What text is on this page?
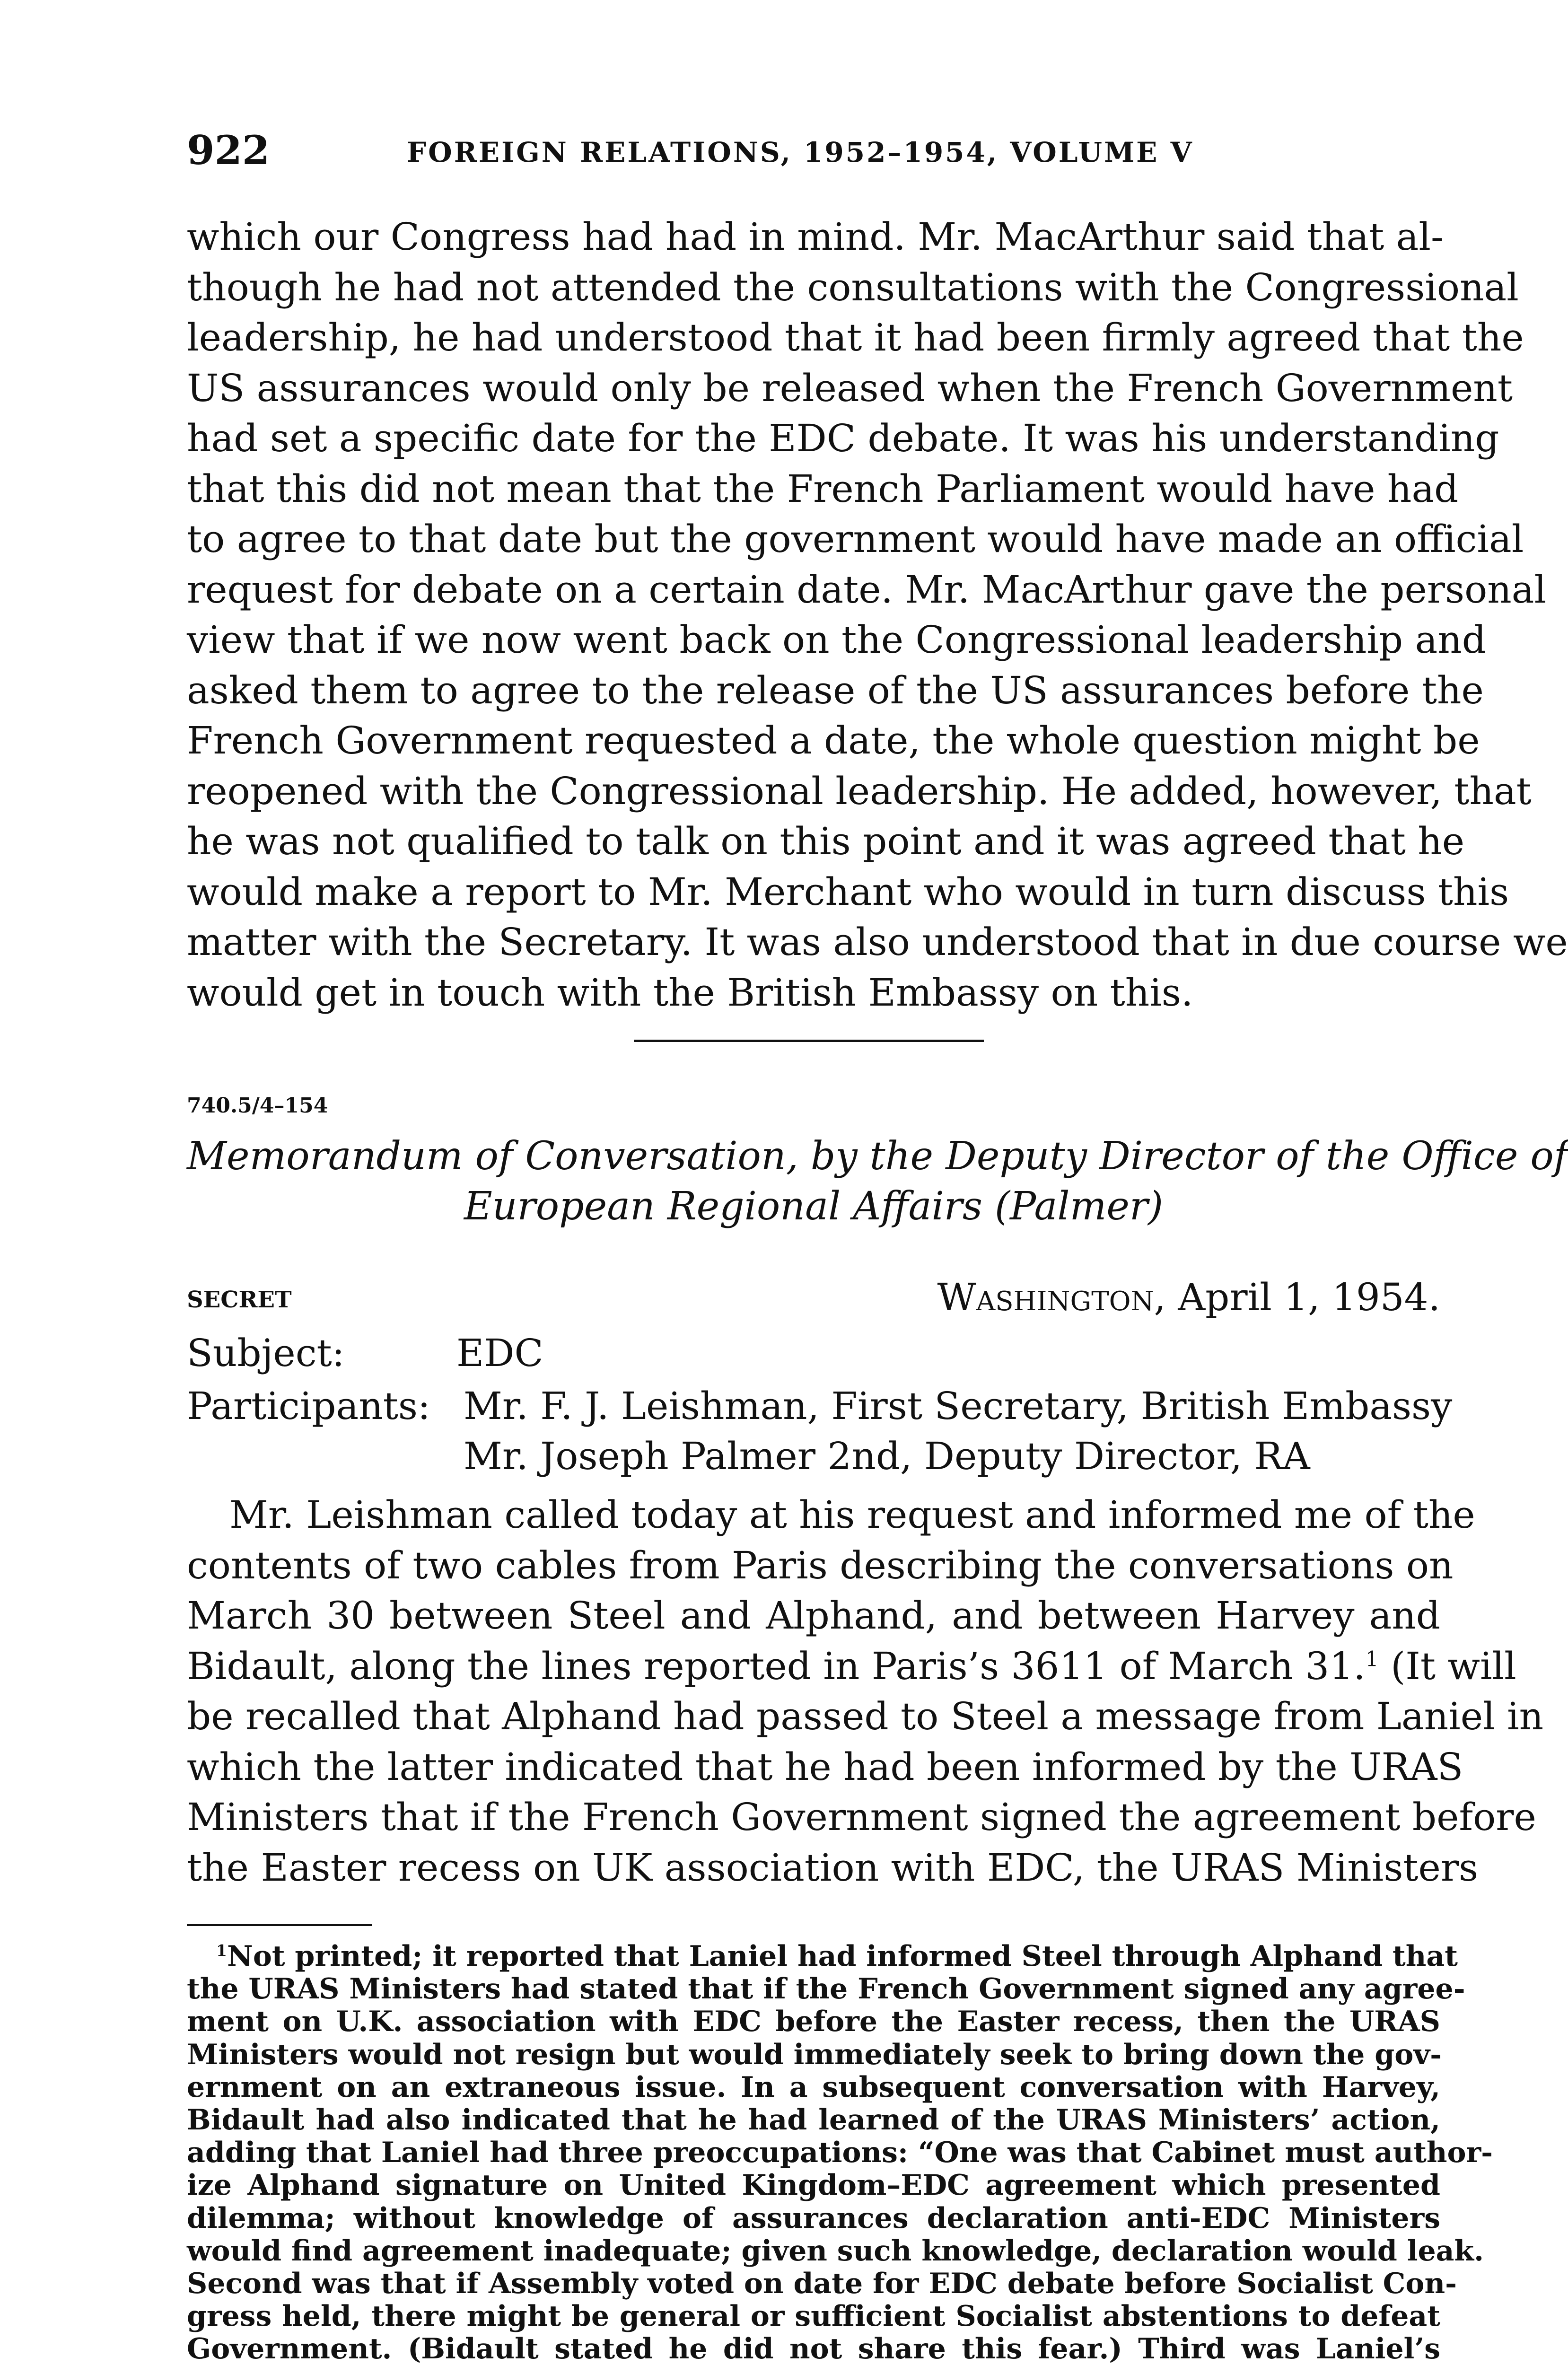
922	FOREIGN RELATIONS, 1952–1954, VOLUME V
which our Congress had had in mind. Mr. MacArthur said that al-
though he had not attended the consultations with the Congressional
leadership, he had understood that it had been firmly agreed that the
US assurances would only be released when the French Government
had set a specific date for the EDC debate. It was his understanding
that this did not mean that the French Parliament would have had
to agree to that date but the government would have made an official
request for debate on a certain date. Mr. MacArthur gave the personal
view that if we now went back on the Congressional leadership and
asked them to agree to the release of the US assurances before the
French Government requested a date, the whole question might be
reopened with the Congressional leadership. He added, however, that
he was not qualified to talk on this point and it was agreed that he
would make a report to Mr. Merchant who would in turn discuss this
matter with the Secretary. It was also understood that in due course we
would get in touch with the British Embassy on this.
740.5/4–154
Memorandum of Conversation, by the Deputy Director of the Office of
European Regional Affairs (Palmer)
SECRET	Washington, April 1, 1954.
Subject:	EDC
Participants: Mr. F. J. Leishman, First Secretary, British Embassy
Mr. Joseph Palmer 2nd, Deputy Director, RA
Mr. Leishman called today at his request and informed me of the
contents of two cables from Paris describing the conversations on
March 30 between Steel and Alphand, and between Harvey and
Bidault, along the lines reported in Paris’s 3611 of March 31.$^1$ (It will
be recalled that Alphand had passed to Steel a message from Laniel in
which the latter indicated that he had been informed by the URAS
Ministers that if the French Government signed the agreement before
the Easter recess on UK association with EDC, the URAS Ministers
$^1$Not printed; it reported that Laniel had informed Steel through Alphand that
the URAS Ministers had stated that if the French Government signed any agree-
ment on U.K. association with EDC before the Easter recess, then the URAS
Ministers would not resign but would immediately seek to bring down the gov-
ernment on an extraneous issue. In a subsequent conversation with Harvey,
Bidault had also indicated that he had learned of the URAS Ministers’ action,
adding that Laniel had three preoccupations: “One was that Cabinet must author-
ize Alphand signature on United Kingdom–EDC agreement which presented
dilemma; without knowledge of assurances declaration anti-EDC Ministers
would find agreement inadequate; given such knowledge, declaration would leak.
Second was that if Assembly voted on date for EDC debate before Socialist Con-
gress held, there might be general or sufficient Socialist abstentions to defeat
Government. (Bidault stated he did not share this fear.) Third was Laniel’s
